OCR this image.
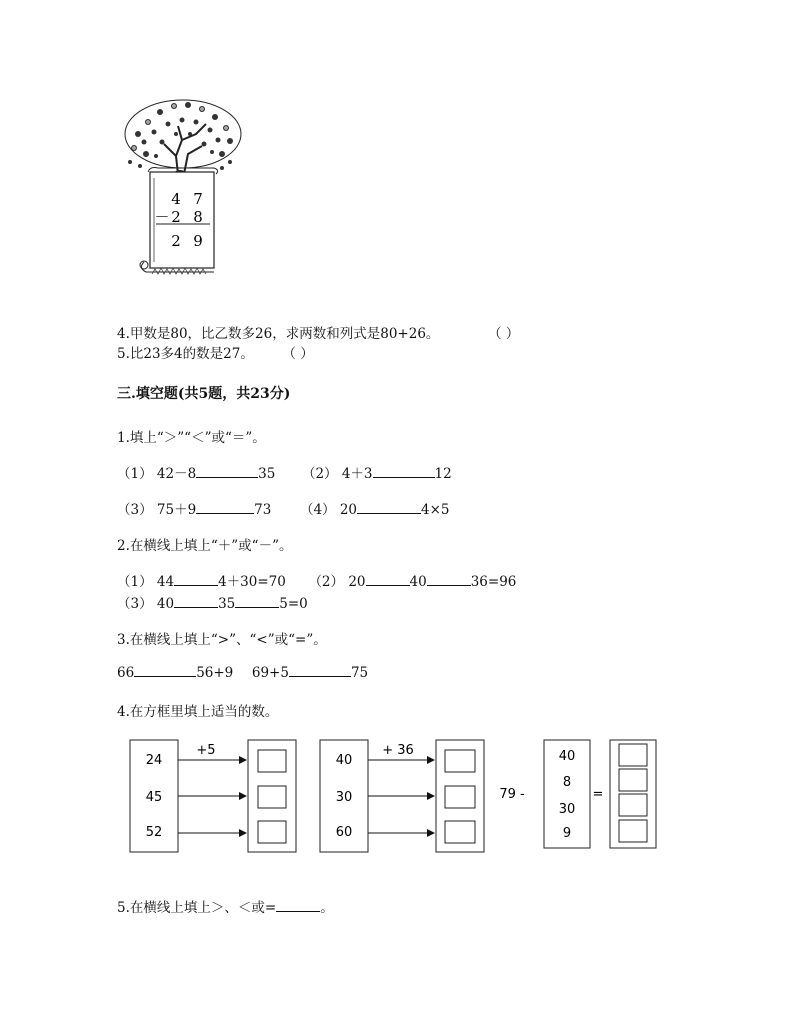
4 7
－ 2 8
2 9
4.甲数是80，比乙数多26，求两数和列式是80+26。	（ ）
5.比23多4的数是27。 （ ）
三.填空题(共5题，共23分)
1.填上“＞”“＜”或“＝”。
（1） 42－8	35 （2） 4＋3	12
（3） 75＋9	73 （4） 20	4×5
2.在横线上填上“＋”或“－”。
（1） 44	4＋30=70 （2） 20	40	36=96
（3） 40	35	5=0
3.在横线上填上“>”、“<”或“=”。
66	56+9 69+5	75
4.在方框里填上适当的数。
24
45
52
+5
40
30
60
+ 36
79 -
40
8
30
9
=
5.在横线上填上＞、＜或=	。
